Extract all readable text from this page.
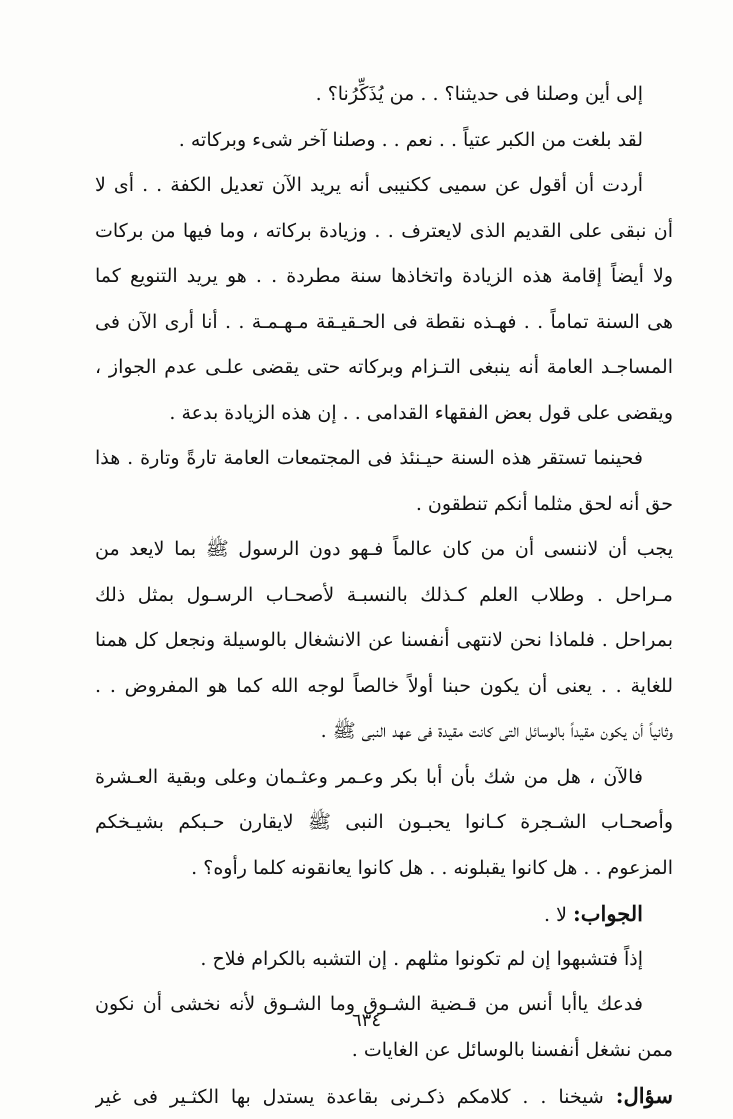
إلى أين وصلنا فى حديثنا؟ . . من يُذَكِّرُنا؟ .
لقد بلغت من الكبر عتياً . . نعم . . وصلنا آخر شىء وبركاته .
أردت أن أقول عن سميى ككنيبى أنه يريد الآن تعديل الكفة . . أى لا
أن نبقى على القديم الذى لايعترف . . وزيادة بركاته ، وما فيها من بركات
ولا أيضاً إقامة هذه الزيادة واتخاذها سنة مطردة . . هو يريد التنويع كما
هى السنة تماماً . . فهـذه نقطة فى الحـقيـقة مـهـمـة . . أنا أرى الآن فى
المساجـد العامة أنه ينبغى التـزام وبركاته حتى يقضى علـى عدم الجواز ،
ويقضى على قول بعض الفقهاء القدامى . . إن هذه الزيادة بدعة .
فحينما تستقر هذه السنة حيـنئذ فى المجتمعات العامة تارةً وتارة . هذا
حق أنه لحق مثلما أنكم تنطقون .
يجب أن لاننسى أن من كان عالماً فـهو دون الرسول ﷺ بما لايعد من
مـراحل . وطلاب العلم كـذلك بالنسبـة لأصحـاب الرسـول بمثل ذلك
بمراحل . فلماذا نحن لانتهى أنفسنا عن الانشغال بالوسيلة ونجعل كل همنا
للغاية . . يعنى أن يكون حبنا أولاً خالصاً لوجه الله كما هو المفروض . .
وثانياً أن يكون مقيداً بالوسائل التى كانت مقيدة فى عهد النبى ﷺ .
فالآن ، هل من شك بأن أبا بكر وعـمر وعثـمان وعلى وبقية العـشرة
وأصحـاب الشـجرة كـانوا يحبـون النبى ﷺ لايقارن حـبكم بشيـخكم
المزعوم . . هل كانوا يقبلونه . . هل كانوا يعانقونه كلما رأوه؟ .
الجواب: لا .
إذاً فتشبهوا إن لم تكونوا مثلهم . إن التشبه بالكرام فلاح .
فدعك ياأبا أنس من قـضية الشـوق وما الشـوق لأنه نخشى أن نكون
ممن نشغل أنفسنا بالوسائل عن الغايات .
سؤال: شيخنا . . كلامكم ذكـرنى بقاعدة يستدل بها الكثـير فى غير
٦٣٤
